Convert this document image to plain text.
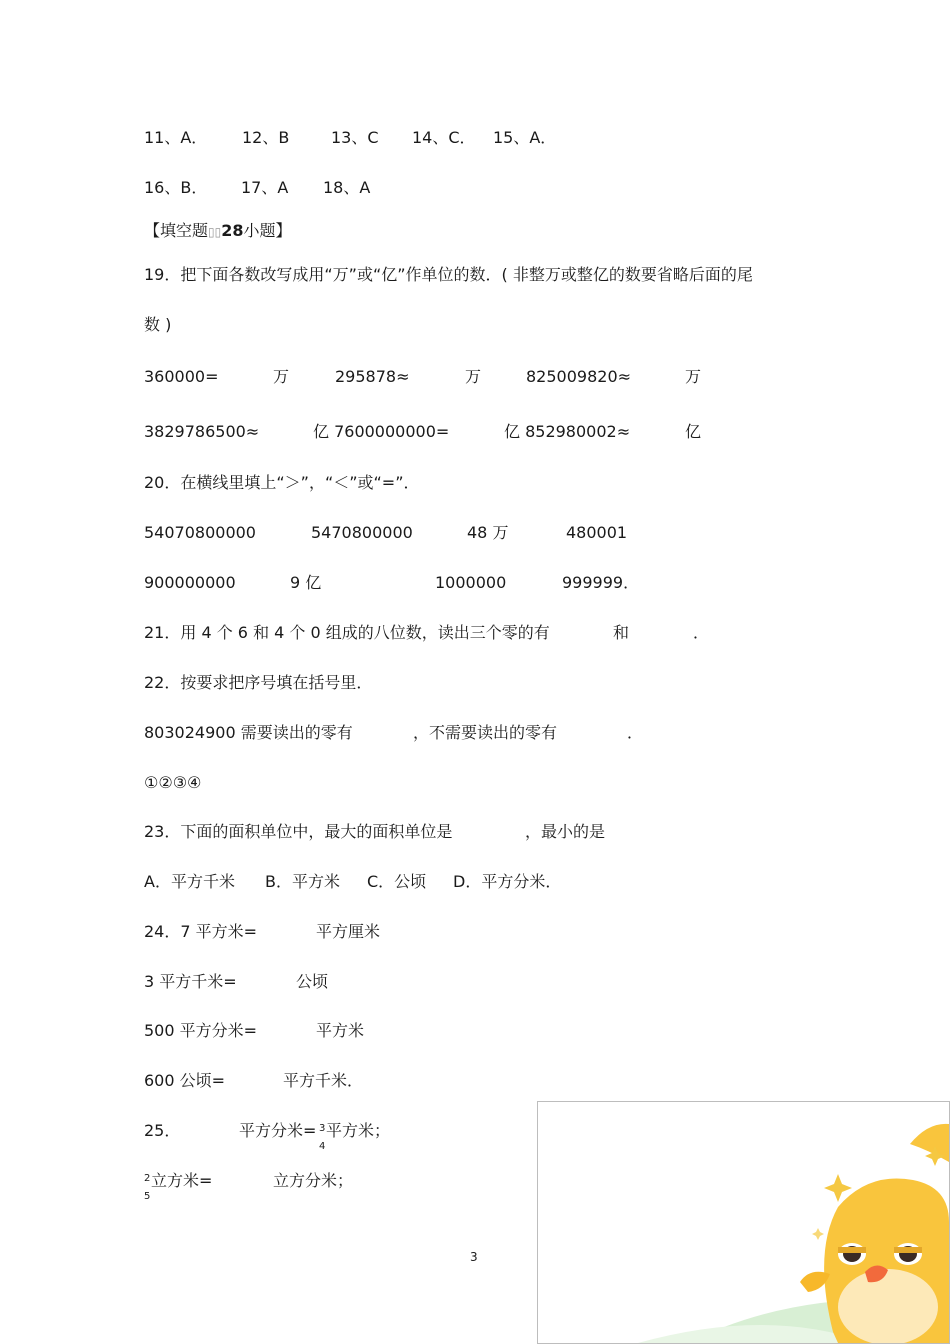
11、A． 12、B	13、C 14、C． 15、A．
16、B． 17、A 18、A
【填空题▯▯28小题】
19．把下面各数改写成用“万”或“亿”作单位的数．( 非整万或整亿的数要省略后面的尾
数 )
360000=	万	295878≈	万	825009820≈	万
3829786500≈	亿 7600000000=	亿 852980002≈	亿
20．在横线里填上“＞”，“＜”或“=”．
54070800000	5470800000	48 万	480001
900000000	9 亿	1000000	999999．
21．用 4 个 6 和 4 个 0 组成的八位数，读出三个零的有	和	．
22．按要求把序号填在括号里．
803024900 需要读出的零有	，不需要读出的零有	．
①②③④
23．下面的面积单位中，最大的面积单位是	，最小的是
A．平方千米 B．平方米 C．公顷 D．平方分米．
24．7 平方米=	平方厘米
3 平方千米=	公顷
500 平方分米=	平方米
600 公顷=	平方千米．
25．	平方分米= 3
4
平方米；
2
5
立方米=	立方分米；
3
